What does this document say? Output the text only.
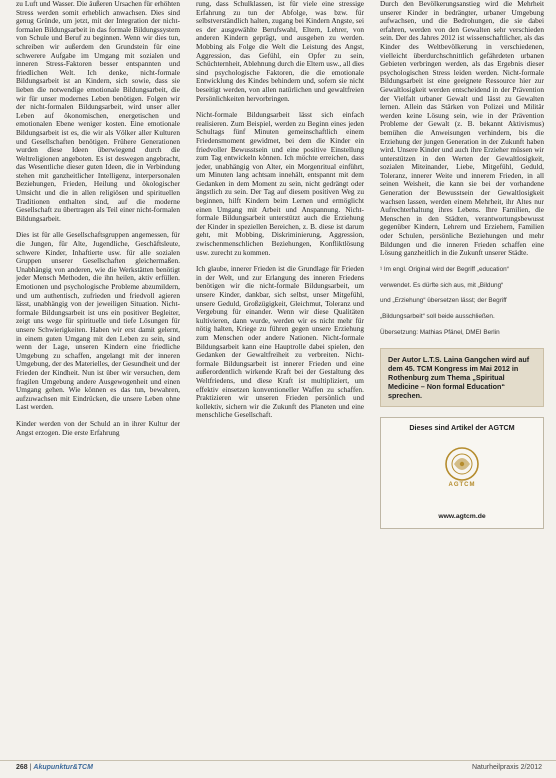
zu Luft und Wasser. Die äußeren Ursachen für erhöhten Stress werden somit erheblich anwachsen. Dies sind genug Gründe, um jetzt, mit der Integration der nicht-formalen Bildungsarbeit in das formale Bildungssystem von Schule und Beruf zu beginnen. Wenn wir dies tun, schreiben wir außerdem den Grundstein für eine schwerere Aufgabe im Umgang mit sozialen und inneren Stress-Faktoren besser entspannten und friedlichen Welt. Ich denke, nicht-formale Bildungsarbeit ist an Kindern, sich sowie, dass sie lieben die notwendige emotionale Bildungsarbeit, die wir für unser modernes Leben benötigen. Folgen wir der nicht-formalen Bildungsarbeit, wird unser aller Leben auf ökonomischen, energetischen und emotionalen Ebene weniger kosten. Eine emotionale Bildungsarbeit ist es, die wir als Völker aller Kulturen und Gesellschaften benötigen. Frühere Generationen wurden diese Ideen überwiegend durch die Weltreligionen angeboten. Es ist deswegen angebracht, das Wesentliche dieser guten Ideen, die in Verbindung stehen mit ganzheitlicher Intelligenz, interpersonalen Beziehungen, Frieden, Heilung und ökologischer Umsicht und die in allen religiösen und spirituellen Traditionen enthalten sind, auf die moderne Gesellschaft zu übertragen als Teil einer nicht-formalen Bildungsarbeit.

Dies ist für alle Gesellschaftsgruppen angemessen, für die Jungen, für Alte, Jugendliche, Geschäftsleute, schwere Kinder, Inhaftierte usw. für alle sozialen Gruppen unserer Gesellschaften gleichermaßen. Unabhängig von anderen, wie die Werkstätten benötigt jeder Mensch Methoden, die ihn heilen, aktiv erfüllen. Emotionen und psychologische Probleme abzumildern, und um authentisch, zufrieden und friedvoll agieren lässt, unabhängig von der jeweiligen Situation. Nicht-formale Bildungsarbeit ist uns ein positiver Begleiter, zeigt uns wege für spirituelle und tiefe Lösungen für unsere Schwierigkeiten. Haben wir erst damit gelernt, in einem guten Umgang mit den Leben zu sein, sind wenn der Lage, unseren Kindern eine friedliche Umgebung zu schaffen, angelangt mit der inneren Umgebung, der des Materielles, der Gesundheit und der Frieden der Kindheit. Nun ist über wir versuchen, dem fragilen Umgebung andere Ausgewogenheit und einen Umgang gehen. Wie können es das tun, bewahren, aufzuwachsen mit Eindrücken, die unsere Leben ohne Last werden.

Kinder werden von der Schuld an in ihrer Kultur der Angst erzogen. Die erste Erfahrung

rung, dass Schulklassen, ist für viele eine stressige Erfahrung zu tun der Abfolge, was bzw. für selbstverständlich halten, zugang bei Kindern Angste, sei es der ausgewählte Berufswahl, Eltern, Lehrer, von anderen Kindern geprägt, und ausgehen zu werden. Mobbing als Folge die Welt die Leistung des Angst, Aggression, das Gefühl, ein Opfer zu sein, Schüchternheit, Ablehnung durch die Eltern usw., all dies sind psychologische Faktoren, die die emotionale Entwicklung des Kindes behindern und, sofern sie nicht beseitigt werden, von allen natürlichen und gewaltfreien Persönlichkeiten hervorbringen.

Nicht-formale Bildungsarbeit lässt sich einfach realisieren. Zum Beispiel, werden zu Beginn eines jeden Schultags fünf Minuten gemeinschaftlich einem Friedensmoment gewidmet, bei dem die Kinder ein friedvoller Bewusstsein und eine positive Einstellung zum Tag entwickeln können. Ich möchte erreichen, dass jeder, unabhängig von Alter, ein Morgenritual einführt, um Minuten lang achtsam innehält, entspannt mit dem Gedanken in dem Moment zu sein, nicht gedrängt oder ängstlich zu sein. Der Tag auf diesem positiven Weg zu beginnen, hilft Kindern beim Lernen und ermöglicht einen Umgang mit Arbeit und Anspannung. Nicht-formale Bildungsarbeit unterstützt auch die Erziehung der Kinder in speziellen Bereichen, z. B. diese ist darum geht, mit Mobbing, Diskriminierung, Aggression, zwischenmenschlichen Beziehungen, Konfliktlösung usw. zurecht zu kommen.

Ich glaube, innerer Frieden ist die Grundlage für Frieden in der Welt, und zur Erlangung des inneren Friedens benötigen wir die nicht-formale Bildungsarbeit, um unsere Kinder, dankbar, sich selbst, unser Mitgefühl, unsere Geduld, Großzügigkeit, Gleichmut, Toleranz und Vergebung für einander. Wenn wir diese Qualitäten kultivieren, dann wurde, werden wir es nicht mehr für nötig halten, Kriege zu führen gegen unsere Erziehung zum Menschen oder andere Nationen. Nicht-formale Bildungsarbeit kann eine Hauptrolle dabei spielen, den Gedanken der Gewaltfreiheit zu verbreiten. Nicht-formale Bildungsarbeit ist innerer Frieden und eine außerordentlich wirkende Kraft bei der Gestaltung des Weltfriedens, und diese Kraft ist multipliziert, um effektiv einsetzen konventioneller Waffen zu schaffen. Praktizieren wir unseren Frieden persönlich und kollektiv, sichern wir die Zukunft des Planeten und eine menschliche Gesellschaft.

Durch den Bevölkerungsanstieg wird die Mehrheit unserer Kinder in bedrängter, urbaner Umgebung aufwachsen, und die Bedrohungen, die sie dabei erfahren, werden von den Gewalten sehr verschieden sein. Der des Jahres 2012 ist wissenschaftlicher, als das Kinder des Weltbevölkerung in verschiedenen, vielleicht überdurchschnittlich gefährdeten urbanen Gebieten verbringen werden, als das Ergebnis dieser psychologischen Stress leiden werden. Nicht-formale Bildungsarbeit ist eine geeignete Ressource hier zur Gewaltlosigkeit werden entscheidend in der Prävention der Vielfalt urbaner Gewalt und lässt zu Gewalten lernen. Allein das Stärken von Polizei und Militär werden keine Lösung sein, wie in der Prävention Probleme der Gewalt (z. B. bekannt Aktivismus) bemühen die Anweisungen verhindern, bis die Erziehung der jungen Generation in der Zukunft haben wird. Unsere Kinder und auch ihre Erzieher müssen wir unterstützen in den Werten der Gewaltlosigkeit, sozialen Miteinander, Liebe, Mitgefühl, Geduld, Toleranz, innerer Weite und innerem Frieden, in all seinen Weisheit, die kann sie bei der vorhandene Generation der Bewusstsein der Gewaltlosigkeit wachsen lassen, werden einem Mehrheit, ihr Altes nur Aufrechterhaltung ihres Lebens. Ihre Familien, die Menschen in den Städten, verantwortungsbewusst gegenüber Kindern, Lehrern und Erziehern, Familien oder Schulen, persönliche Beziehungen und mehr Bildungen und die inneren Frieden schaffen eine Lösung ganzheitlich in die Zukunft unserer Städte.

¹ Im engl. Original wird der Begriff „education“

verwendet. Es dürfte sich aus, mit „Bildung“

und „Erziehung“ übersetzen lässt; der Begriff

„Bildungsarbeit“ soll beide ausschließen.

Übersetzung: Mathias Pfänel, DMEI Berlin
Der Autor L.T.S. Laina Gangchen wird auf dem 45. TCM Kongress im Mai 2012 in Rothenburg zum Thema „Spiritual Medicine – Non formal Education“ sprechen.
Dieses sind Artikel der AGTCM
AGTCM
www.agtcm.de
268 | Akupunktur&TCM	Naturheilpraxis 2/2012
